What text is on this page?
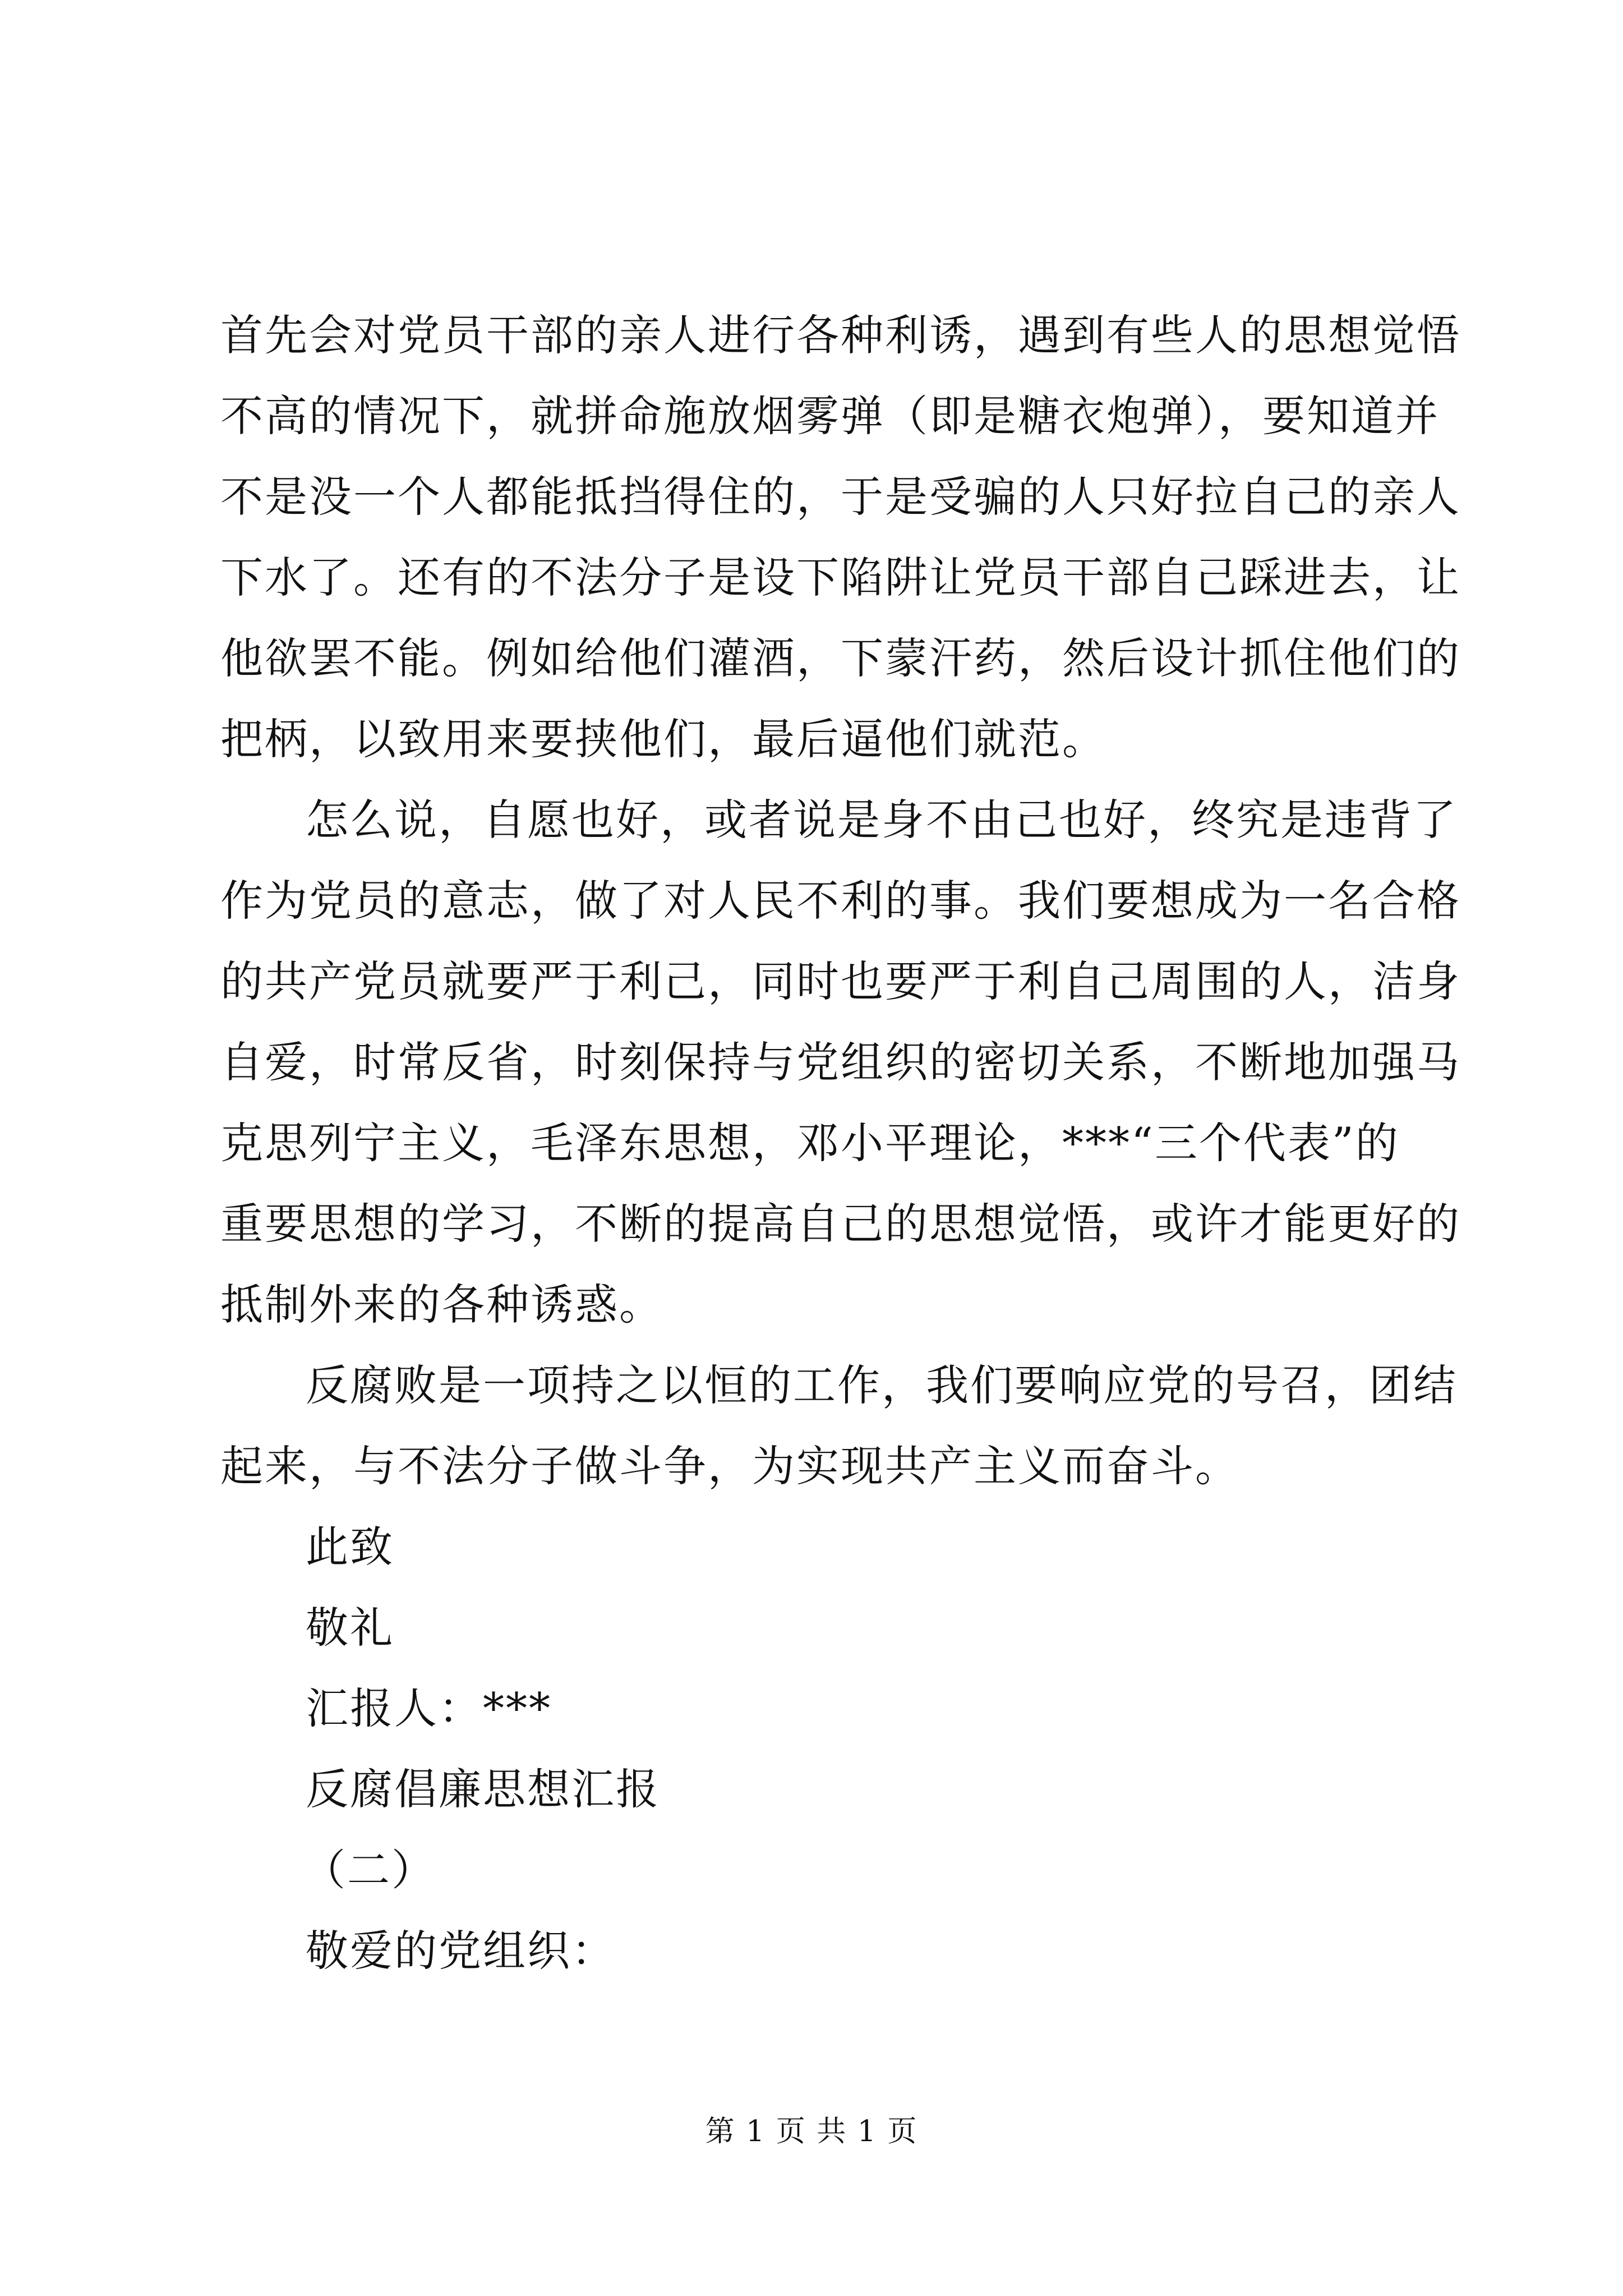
首先会对党员干部的亲人进行各种利诱，遇到有些人的思想觉悟
不高的情况下，就拼命施放烟雾弹（即是糖衣炮弹），要知道并
不是没一个人都能抵挡得住的，于是受骗的人只好拉自己的亲人
下水了。还有的不法分子是设下陷阱让党员干部自己踩进去，让
他欲罢不能。例如给他们灌酒，下蒙汗药，然后设计抓住他们的
把柄，以致用来要挟他们，最后逼他们就范。
怎么说，自愿也好，或者说是身不由己也好，终究是违背了
作为党员的意志，做了对人民不利的事。我们要想成为一名合格
的共产党员就要严于利己，同时也要严于利自己周围的人，洁身
自爱，时常反省，时刻保持与党组织的密切关系，不断地加强马
克思列宁主义，毛泽东思想，邓小平理论，***“三个代表”的
重要思想的学习，不断的提高自己的思想觉悟，或许才能更好的
抵制外来的各种诱惑。
反腐败是一项持之以恒的工作，我们要响应党的号召，团结
起来，与不法分子做斗争，为实现共产主义而奋斗。
此致
敬礼
汇报人：***
反腐倡廉思想汇报
（二）
敬爱的党组织：
第 1 页 共 1 页
